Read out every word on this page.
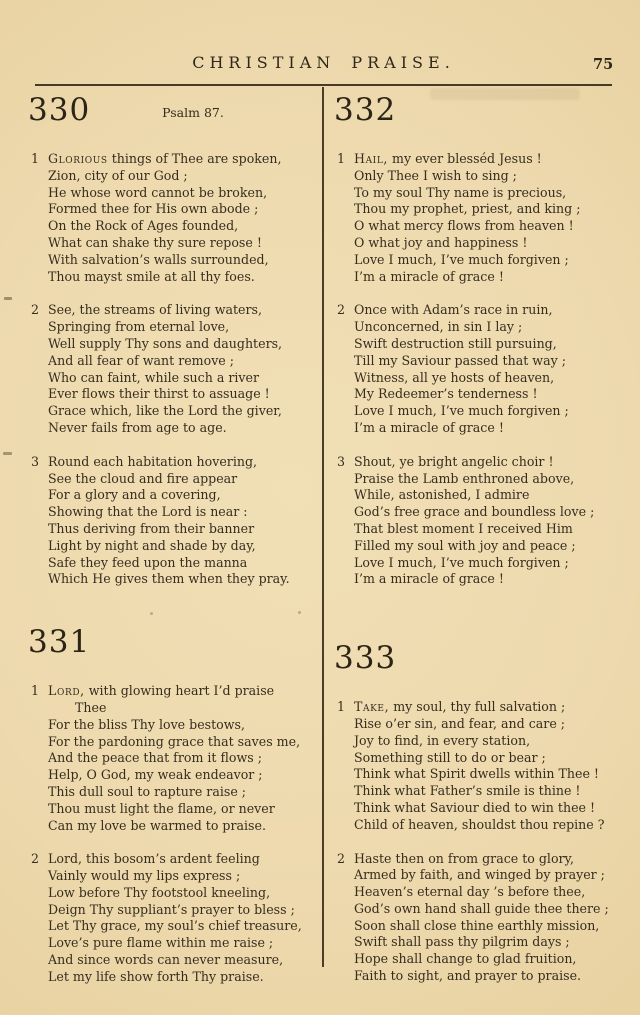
CHRISTIAN PRAISE.	75
330	Psalm 87.
1 Glorious things of Thee are spoken,
Zion, city of our God ;
He whose word cannot be broken,
Formed thee for His own abode ;
On the Rock of Ages founded,
What can shake thy sure repose !
With salvation’s walls surrounded,
Thou mayst smile at all thy foes.
2 See, the streams of living waters,
Springing from eternal love,
Well supply Thy sons and daughters,
And all fear of want remove ;
Who can faint, while such a river
Ever flows their thirst to assuage !
Grace which, like the Lord the giver,
Never fails from age to age.
3 Round each habitation hovering,
See the cloud and fire appear
For a glory and a covering,
Showing that the Lord is near :
Thus deriving from their banner
Light by night and shade by day,
Safe they feed upon the manna
Which He gives them when they pray.
331
1 Lord, with glowing heart I’d praise
Thee
For the bliss Thy love bestows,
For the pardoning grace that saves me,
And the peace that from it flows ;
Help, O God, my weak endeavor ;
This dull soul to rapture raise ;
Thou must light the flame, or never
Can my love be warmed to praise.
2 Lord, this bosom’s ardent feeling
Vainly would my lips express ;
Low before Thy footstool kneeling,
Deign Thy suppliant’s prayer to bless ;
Let Thy grace, my soul’s chief treasure,
Love’s pure flame within me raise ;
And since words can never measure,
Let my life show forth Thy praise.
332
1 Hail, my ever blesséd Jesus !
Only Thee I wish to sing ;
To my soul Thy name is precious,
Thou my prophet, priest, and king ;
O what mercy flows from heaven !
O what joy and happiness !
Love I much, I’ve much forgiven ;
I’m a miracle of grace !
2 Once with Adam’s race in ruin,
Unconcerned, in sin I lay ;
Swift destruction still pursuing,
Till my Saviour passed that way ;
Witness, all ye hosts of heaven,
My Redeemer’s tenderness !
Love I much, I’ve much forgiven ;
I’m a miracle of grace !
3 Shout, ye bright angelic choir !
Praise the Lamb enthroned above,
While, astonished, I admire
God’s free grace and boundless love ;
That blest moment I received Him
Filled my soul with joy and peace ;
Love I much, I’ve much forgiven ;
I’m a miracle of grace !
333
1 Take, my soul, thy full salvation ;
Rise o’er sin, and fear, and care ;
Joy to find, in every station,
Something still to do or bear ;
Think what Spirit dwells within Thee !
Think what Father’s smile is thine !
Think what Saviour died to win thee !
Child of heaven, shouldst thou repine ?
2 Haste then on from grace to glory,
Armed by faith, and winged by prayer ;
Heaven’s eternal day ’s before thee,
God’s own hand shall guide thee there ;
Soon shall close thine earthly mission,
Swift shall pass thy pilgrim days ;
Hope shall change to glad fruition,
Faith to sight, and prayer to praise.
